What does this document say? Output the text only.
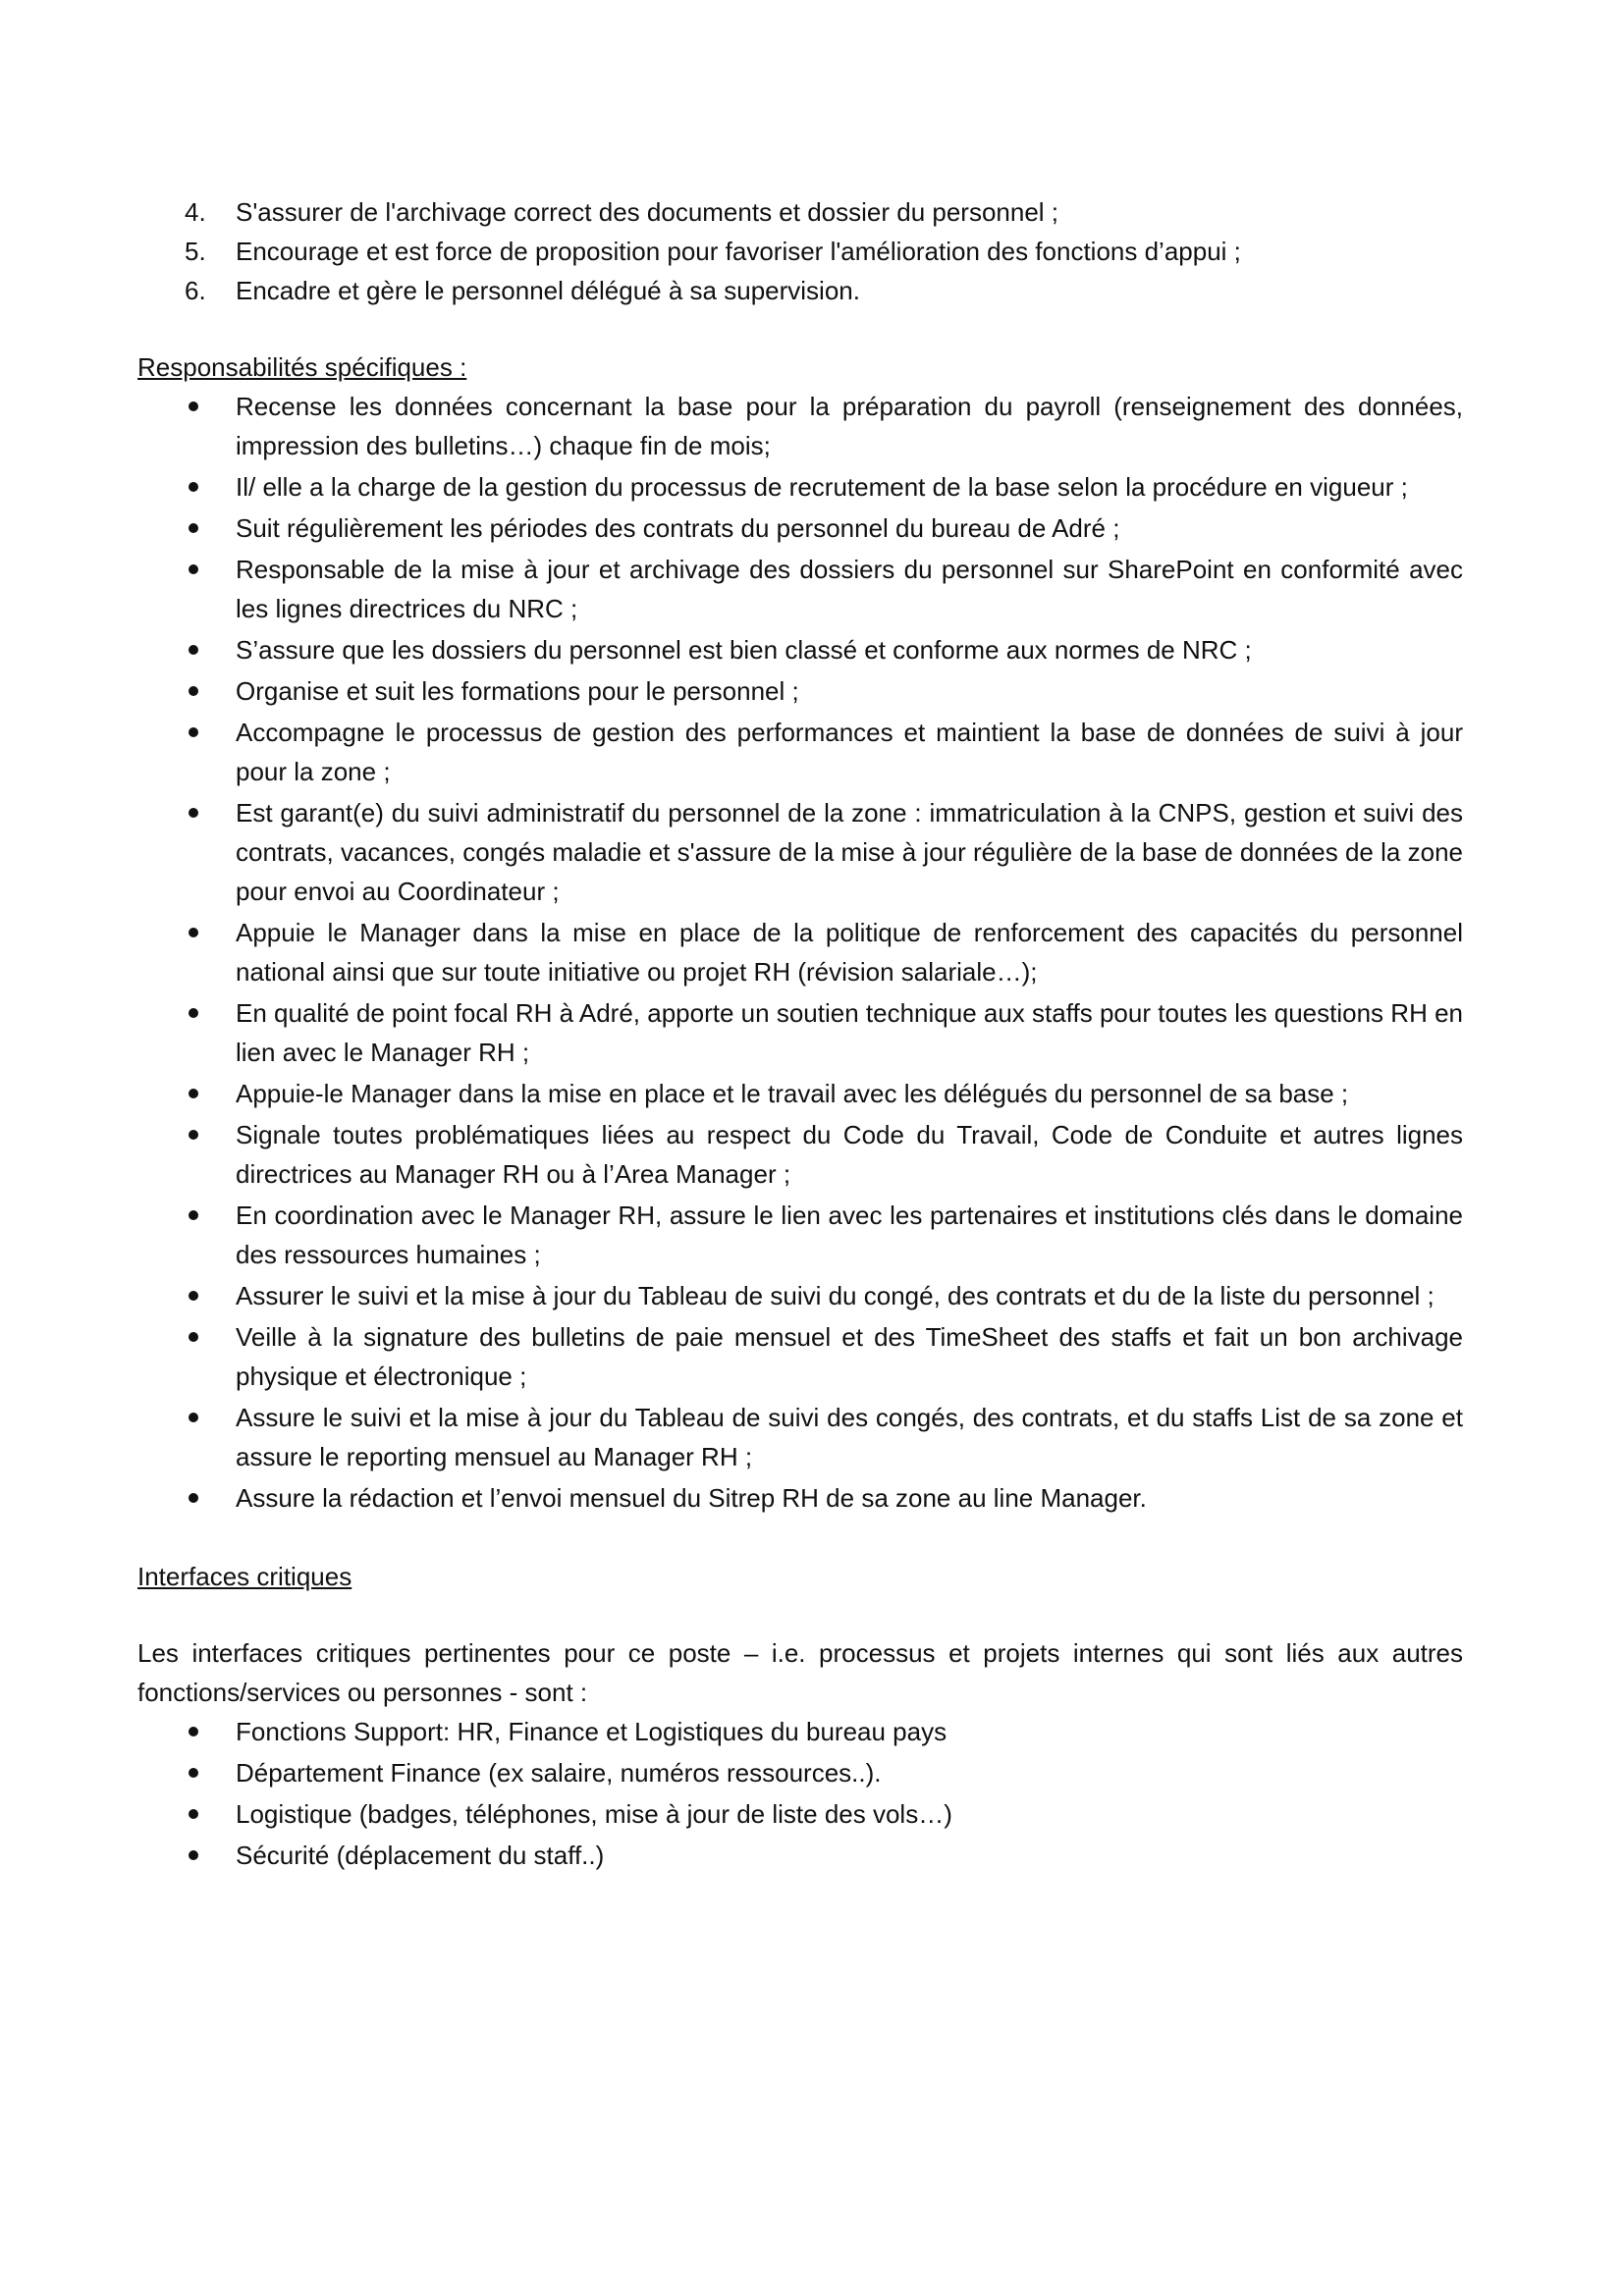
4. S'assurer de l'archivage correct des documents et dossier du personnel ;
5. Encourage et est force de proposition pour favoriser l'amélioration des fonctions d’appui ;
6. Encadre et gère le personnel délégué à sa supervision.

Responsabilités spécifiques :

Recense les données concernant la base pour la préparation du payroll (renseignement des données, impression des bulletins…) chaque fin de mois;
Il/ elle a la charge de la gestion du processus de recrutement de la base selon la procédure en vigueur ;
Suit régulièrement les périodes des contrats du personnel du bureau de Adré ;
Responsable de la mise à jour et archivage des dossiers du personnel sur SharePoint en conformité avec les lignes directrices du NRC ;
S’assure que les dossiers du personnel est bien classé et conforme aux normes de NRC ;
Organise et suit les formations pour le personnel ;
Accompagne le processus de gestion des performances et maintient la base de données de suivi à jour pour la zone ;
Est garant(e) du suivi administratif du personnel de la zone : immatriculation à la CNPS, gestion et suivi des contrats, vacances, congés maladie et s'assure de la mise à jour régulière de la base de données de la zone pour envoi au Coordinateur ;
Appuie le Manager dans la mise en place de la politique de renforcement des capacités du personnel national ainsi que sur toute initiative ou projet RH (révision salariale…);
En qualité de point focal RH à Adré, apporte un soutien technique aux staffs pour toutes les questions RH en lien avec le Manager RH ;
Appuie-le Manager dans la mise en place et le travail avec les délégués du personnel de sa base ;
Signale toutes problématiques liées au respect du Code du Travail, Code de Conduite et autres lignes directrices au Manager RH ou à l’Area Manager ;
En coordination avec le Manager RH, assure le lien avec les partenaires et institutions clés dans le domaine des ressources humaines ;
Assurer le suivi et la mise à jour du Tableau de suivi du congé, des contrats et du de la liste du personnel ;
Veille à la signature des bulletins de paie mensuel et des TimeSheet des staffs et fait un bon archivage physique et électronique ;
Assure le suivi et la mise à jour du Tableau de suivi des congés, des contrats, et du staffs List de sa zone et assure le reporting mensuel au Manager RH ;
Assure la rédaction et l’envoi mensuel du Sitrep RH de sa zone au line Manager.

Interfaces critiques

Les interfaces critiques pertinentes pour ce poste – i.e. processus et projets internes qui sont liés aux autres fonctions/services ou personnes - sont :

Fonctions Support: HR, Finance et Logistiques du bureau pays
Département Finance (ex salaire, numéros ressources..).
Logistique (badges, téléphones, mise à jour de liste des vols…)
Sécurité (déplacement du staff..)
